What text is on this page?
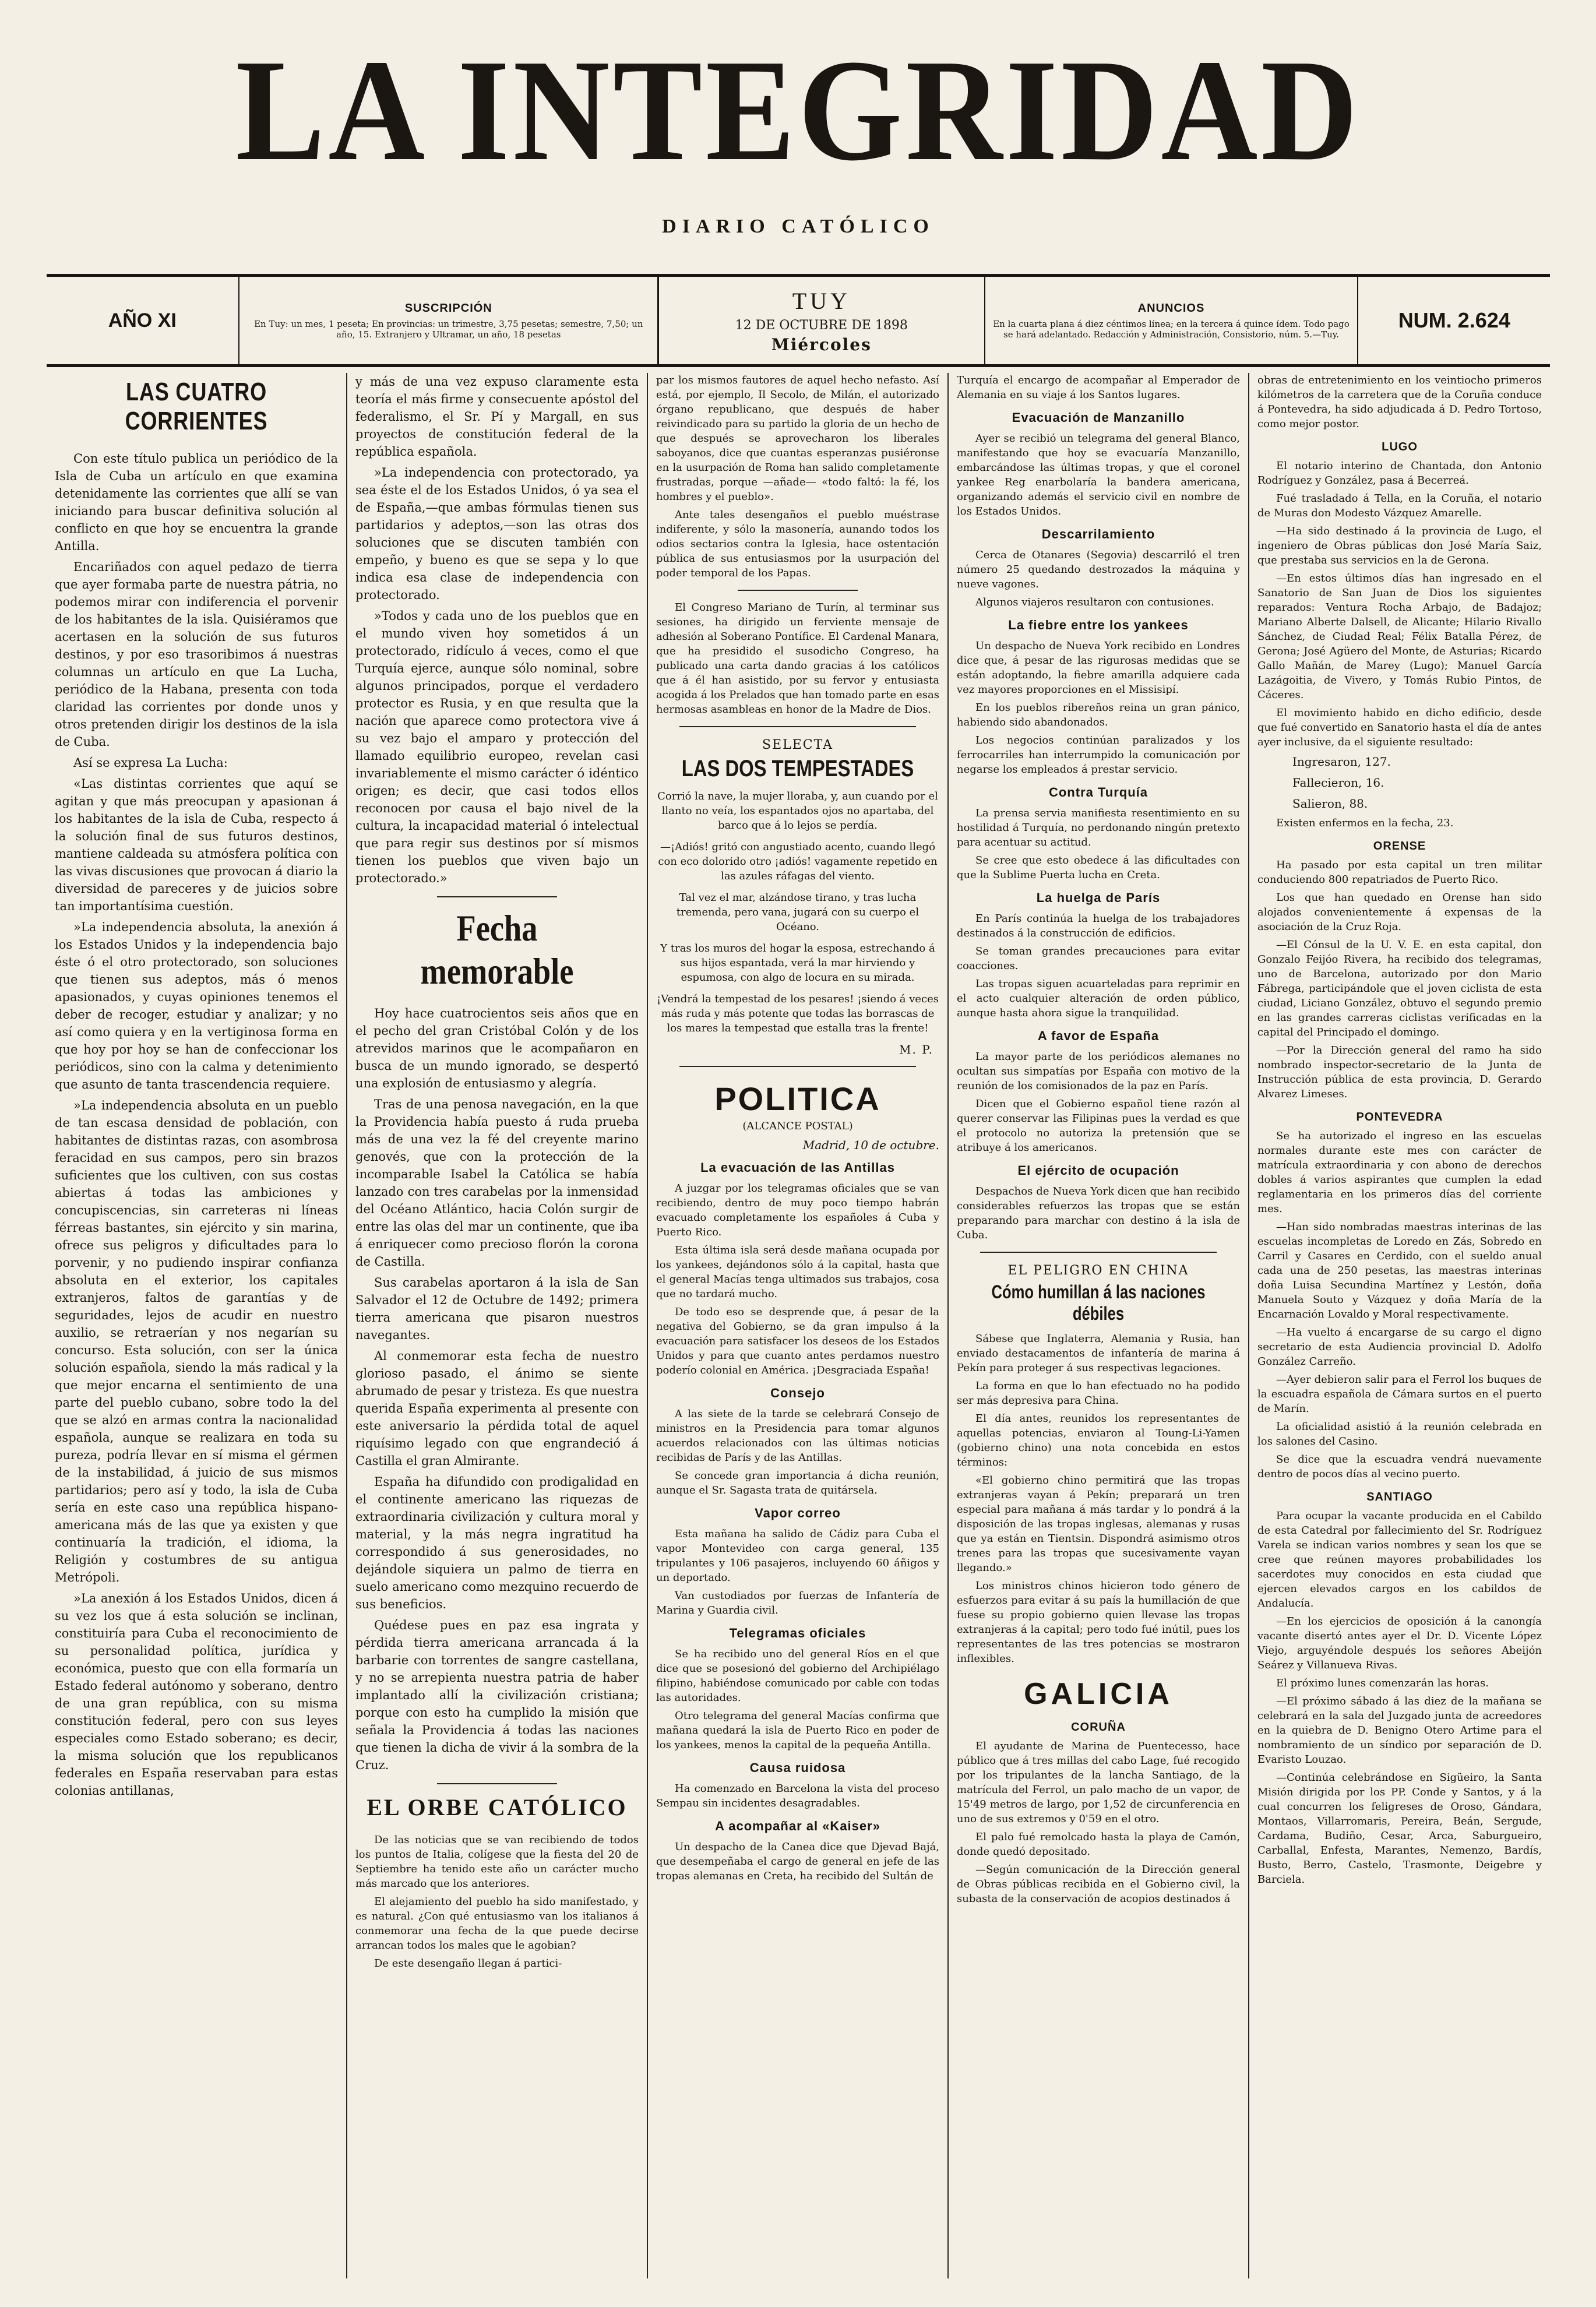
LA INTEGRIDAD
DIARIO CATÓLICO
AÑO XI
SUSCRIPCIÓN
En Tuy: un mes, 1 peseta; En provincias: un trimestre, 3,75 pesetas; semestre, 7,50; un año, 15. Extranjero y Ultramar, un año, 18 pesetas
TUY
12 DE OCTUBRE DE 1898
Miércoles
ANUNCIOS
En la cuarta plana á diez céntimos línea; en la tercera á quince ídem. Todo pago se hará adelantado. Redacción y Administración, Consistorio, núm. 5.—Tuy.
NUM. 2.624
LAS CUATRO CORRIENTES

Con este título publica un periódico de la Isla de Cuba un artículo en que examina detenidamente las corrientes que allí se van iniciando para buscar definitiva solución al conflicto en que hoy se encuentra la grande Antilla.

Encariñados con aquel pedazo de tierra que ayer formaba parte de nuestra pátria, no podemos mirar con indiferencia el porvenir de los habitantes de la isla. Quisiéramos que acertasen en la solución de sus futuros destinos, y por eso trasoribimos á nuestras columnas un artículo en que La Lucha, periódico de la Habana, presenta con toda claridad las corrientes por donde unos y otros pretenden dirigir los destinos de la isla de Cuba.

Así se expresa La Lucha:

«Las distintas corrientes que aquí se agitan y que más preocupan y apasionan á los habitantes de la isla de Cuba, respecto á la solución final de sus futuros destinos, mantiene caldeada su atmósfera política con las vivas discusiones que provocan á diario la diversidad de pareceres y de juicios sobre tan importantísima cuestión.

»La independencia absoluta, la anexión á los Estados Unidos y la independencia bajo éste ó el otro protectorado, son soluciones que tienen sus adeptos, más ó menos apasionados, y cuyas opiniones tenemos el deber de recoger, estudiar y analizar; y no así como quiera y en la vertiginosa forma en que hoy por hoy se han de confeccionar los periódicos, sino con la calma y detenimiento que asunto de tanta trascendencia requiere.

»La independencia absoluta en un pueblo de tan escasa densidad de población, con habitantes de distintas razas, con asombrosa feracidad en sus campos, pero sin brazos suficientes que los cultiven, con sus costas abiertas á todas las ambiciones y concupiscencias, sin carreteras ni líneas férreas bastantes, sin ejército y sin marina, ofrece sus peligros y dificultades para lo porvenir, y no pudiendo inspirar confianza absoluta en el exterior, los capitales extranjeros, faltos de garantías y de seguridades, lejos de acudir en nuestro auxilio, se retraerían y nos negarían su concurso. Esta solución, con ser la única solución española, siendo la más radical y la que mejor encarna el sentimiento de una parte del pueblo cubano, sobre todo la del que se alzó en armas contra la nacionalidad española, aunque se realizara en toda su pureza, podría llevar en sí misma el gérmen de la instabilidad, á juicio de sus mismos partidarios; pero así y todo, la isla de Cuba sería en este caso una república hispano-americana más de las que ya existen y que continuaría la tradición, el idioma, la Religión y costumbres de su antigua Metrópoli.

»La anexión á los Estados Unidos, dicen á su vez los que á esta solución se inclinan, constituiría para Cuba el reconocimiento de su personalidad política, jurídica y económica, puesto que con ella formaría un Estado federal autónomo y soberano, dentro de una gran república, con su misma constitución federal, pero con sus leyes especiales como Estado soberano; es decir, la misma solución que los republicanos federales en España reservaban para estas colonias antillanas,

y más de una vez expuso claramente esta teoría el más firme y consecuente apóstol del federalismo, el Sr. Pí y Margall, en sus proyectos de constitución federal de la república española.

»La independencia con protectorado, ya sea éste el de los Estados Unidos, ó ya sea el de España,—que ambas fórmulas tienen sus partidarios y adeptos,—son las otras dos soluciones que se discuten también con empeño, y bueno es que se sepa y lo que indica esa clase de independencia con protectorado.

»Todos y cada uno de los pueblos que en el mundo viven hoy sometidos á un protectorado, ridículo á veces, como el que Turquía ejerce, aunque sólo nominal, sobre algunos principados, porque el verdadero protector es Rusia, y en que resulta que la nación que aparece como protectora vive á su vez bajo el amparo y protección del llamado equilibrio europeo, revelan casi invariablemente el mismo carácter ó idéntico origen; es decir, que casi todos ellos reconocen por causa el bajo nivel de la cultura, la incapacidad material ó intelectual que para regir sus destinos por sí mismos tienen los pueblos que viven bajo un protectorado.»

Fecha memorable

Hoy hace cuatrocientos seis años que en el pecho del gran Cristóbal Colón y de los atrevidos marinos que le acompañaron en busca de un mundo ignorado, se despertó una explosión de entusiasmo y alegría.

Tras de una penosa navegación, en la que la Providencia había puesto á ruda prueba más de una vez la fé del creyente marino genovés, que con la protección de la incomparable Isabel la Católica se había lanzado con tres carabelas por la inmensidad del Océano Atlántico, hacia Colón surgir de entre las olas del mar un continente, que iba á enriquecer como precioso florón la corona de Castilla.

Sus carabelas aportaron á la isla de San Salvador el 12 de Octubre de 1492; primera tierra americana que pisaron nuestros navegantes.

Al conmemorar esta fecha de nuestro glorioso pasado, el ánimo se siente abrumado de pesar y tristeza. Es que nuestra querida España experimenta al presente con este aniversario la pérdida total de aquel riquísimo legado con que engrandeció á Castilla el gran Almirante.

España ha difundido con prodigalidad en el continente americano las riquezas de extraordinaria civilización y cultura moral y material, y la más negra ingratitud ha correspondido á sus generosidades, no dejándole siquiera un palmo de tierra en suelo americano como mezquino recuerdo de sus beneficios.

Quédese pues en paz esa ingrata y pérdida tierra americana arrancada á la barbarie con torrentes de sangre castellana, y no se arrepienta nuestra patria de haber implantado allí la civilización cristiana; porque con esto ha cumplido la misión que señala la Providencia á todas las naciones que tienen la dicha de vivir á la sombra de la Cruz.

EL ORBE CATÓLICO

De las noticias que se van recibiendo de todos los puntos de Italia, colígese que la fiesta del 20 de Septiembre ha tenido este año un carácter mucho más marcado que los anteriores.

El alejamiento del pueblo ha sido manifestado, y es natural. ¿Con qué entusiasmo van los italianos á conmemorar una fecha de la que puede decirse arrancan todos los males que le agobian?

De este desengaño llegan á partici-

par los mismos fautores de aquel hecho nefasto. Así está, por ejemplo, Il Secolo, de Milán, el autorizado órgano republicano, que después de haber reivindicado para su partido la gloria de un hecho de que después se aprovecharon los liberales saboyanos, dice que cuantas esperanzas pusiéronse en la usurpación de Roma han salido completamente frustradas, porque —añade— «todo faltó: la fé, los hombres y el pueblo».

Ante tales desengaños el pueblo muéstrase indiferente, y sólo la masonería, aunando todos los odios sectarios contra la Iglesia, hace ostentación pública de sus entusiasmos por la usurpación del poder temporal de los Papas.

El Congreso Mariano de Turín, al terminar sus sesiones, ha dirigido un ferviente mensaje de adhesión al Soberano Pontífice. El Cardenal Manara, que ha presidido el susodicho Congreso, ha publicado una carta dando gracias á los católicos que á él han asistido, por su fervor y entusiasta acogida á los Prelados que han tomado parte en esas hermosas asambleas en honor de la Madre de Dios.

SELECTA
LAS DOS TEMPESTADES

Corrió la nave, la mujer lloraba, y, aun cuando por el llanto no veía, los espantados ojos no apartaba, del barco que á lo lejos se perdía.

—¡Adiós! gritó con angustiado acento, cuando llegó con eco dolorido otro ¡adiós! vagamente repetido en las azules ráfagas del viento.

Tal vez el mar, alzándose tirano, y tras lucha tremenda, pero vana, jugará con su cuerpo el Océano.

Y tras los muros del hogar la esposa, estrechando á sus hijos espantada, verá la mar hirviendo y espumosa, con algo de locura en su mirada.

¡Vendrá la tempestad de los pesares! ¡siendo á veces más ruda y más potente que todas las borrascas de los mares la tempestad que estalla tras la frente!

M. P.
POLITICA
(ALCANCE POSTAL)
Madrid, 10 de octubre.
La evacuación de las Antillas

A juzgar por los telegramas oficiales que se van recibiendo, dentro de muy poco tiempo habrán evacuado completamente los españoles á Cuba y Puerto Rico.

Esta última isla será desde mañana ocupada por los yankees, dejándonos sólo á la capital, hasta que el general Macías tenga ultimados sus trabajos, cosa que no tardará mucho.

De todo eso se desprende que, á pesar de la negativa del Gobierno, se da gran impulso á la evacuación para satisfacer los deseos de los Estados Unidos y para que cuanto antes perdamos nuestro poderío colonial en América. ¡Desgraciada España!

Consejo

A las siete de la tarde se celebrará Consejo de ministros en la Presidencia para tomar algunos acuerdos relacionados con las últimas noticias recibidas de París y de las Antillas.

Se concede gran importancia á dicha reunión, aunque el Sr. Sagasta trata de quitársela.

Vapor correo

Esta mañana ha salido de Cádiz para Cuba el vapor Montevideo con carga general, 135 tripulantes y 106 pasajeros, incluyendo 60 áñigos y un deportado.

Van custodiados por fuerzas de Infantería de Marina y Guardia civil.

Telegramas oficiales

Se ha recibido uno del general Ríos en el que dice que se posesionó del gobierno del Archipiélago filipino, habiéndose comunicado por cable con todas las autoridades.

Otro telegrama del general Macías confirma que mañana quedará la isla de Puerto Rico en poder de los yankees, menos la capital de la pequeña Antilla.

Causa ruidosa

Ha comenzado en Barcelona la vista del proceso Sempau sin incidentes desagradables.

A acompañar al «Kaiser»

Un despacho de la Canea dice que Djevad Bajá, que desempeñaba el cargo de general en jefe de las tropas alemanas en Creta, ha recibido del Sultán de

Turquía el encargo de acompañar al Emperador de Alemania en su viaje á los Santos lugares.

Evacuación de Manzanillo

Ayer se recibió un telegrama del general Blanco, manifestando que hoy se evacuaría Manzanillo, embarcándose las últimas tropas, y que el coronel yankee Reg enarbolaría la bandera americana, organizando además el servicio civil en nombre de los Estados Unidos.

Descarrilamiento

Cerca de Otanares (Segovia) descarriló el tren número 25 quedando destrozados la máquina y nueve vagones.

Algunos viajeros resultaron con contusiones.

La fiebre entre los yankees

Un despacho de Nueva York recibido en Londres dice que, á pesar de las rigurosas medidas que se están adoptando, la fiebre amarilla adquiere cada vez mayores proporciones en el Missisipí.

En los pueblos ribereños reina un gran pánico, habiendo sido abandonados.

Los negocios continúan paralizados y los ferrocarriles han interrumpido la comunicación por negarse los empleados á prestar servicio.

Contra Turquía

La prensa servia manifiesta resentimiento en su hostilidad á Turquía, no perdonando ningún pretexto para acentuar su actitud.

Se cree que esto obedece á las dificultades con que la Sublime Puerta lucha en Creta.

La huelga de París

En París continúa la huelga de los trabajadores destinados á la construcción de edificios.

Se toman grandes precauciones para evitar coacciones.

Las tropas siguen acuarteladas para reprimir en el acto cualquier alteración de orden público, aunque hasta ahora sigue la tranquilidad.

A favor de España

La mayor parte de los periódicos alemanes no ocultan sus simpatías por España con motivo de la reunión de los comisionados de la paz en París.

Dicen que el Gobierno español tiene razón al querer conservar las Filipinas pues la verdad es que el protocolo no autoriza la pretensión que se atribuye á los americanos.

El ejército de ocupación

Despachos de Nueva York dicen que han recibido considerables refuerzos las tropas que se están preparando para marchar con destino á la isla de Cuba.

EL PELIGRO EN CHINA
Cómo humillan á las naciones débiles

Sábese que Inglaterra, Alemania y Rusia, han enviado destacamentos de infantería de marina á Pekín para proteger á sus respectivas legaciones.

La forma en que lo han efectuado no ha podido ser más depresiva para China.

El día antes, reunidos los representantes de aquellas potencias, enviaron al Toung-Li-Yamen (gobierno chino) una nota concebida en estos términos:

«El gobierno chino permitirá que las tropas extranjeras vayan á Pekín; preparará un tren especial para mañana á más tardar y lo pondrá á la disposición de las tropas inglesas, alemanas y rusas que ya están en Tientsin. Dispondrá asimismo otros trenes para las tropas que sucesivamente vayan llegando.»

Los ministros chinos hicieron todo género de esfuerzos para evitar á su país la humillación de que fuese su propio gobierno quien llevase las tropas extranjeras á la capital; pero todo fué inútil, pues los representantes de las tres potencias se mostraron inflexibles.

GALICIA
CORUÑA

El ayudante de Marina de Puentecesso, hace público que á tres millas del cabo Lage, fué recogido por los tripulantes de la lancha Santiago, de la matrícula del Ferrol, un palo macho de un vapor, de 15'49 metros de largo, por 1,52 de circunferencia en uno de sus extremos y 0'59 en el otro.

El palo fué remolcado hasta la playa de Camón, donde quedó depositado.

—Según comunicación de la Dirección general de Obras públicas recibida en el Gobierno civil, la subasta de la conservación de acopios destinados á

obras de entretenimiento en los veintiocho primeros kilómetros de la carretera que de la Coruña conduce á Pontevedra, ha sido adjudicada á D. Pedro Tortoso, como mejor postor.

LUGO

El notario interino de Chantada, don Antonio Rodríguez y González, pasa á Becerreá.

Fué trasladado á Tella, en la Coruña, el notario de Muras don Modesto Vázquez Amarelle.

—Ha sido destinado á la provincia de Lugo, el ingeniero de Obras públicas don José María Saiz, que prestaba sus servicios en la de Gerona.

—En estos últimos días han ingresado en el Sanatorio de San Juan de Dios los siguientes reparados: Ventura Rocha Arbajo, de Badajoz; Mariano Alberte Dalsell, de Alicante; Hilario Rivallo Sánchez, de Ciudad Real; Félix Batalla Pérez, de Gerona; José Agüero del Monte, de Asturias; Ricardo Gallo Mañán, de Marey (Lugo); Manuel García Lazágoitia, de Vivero, y Tomás Rubio Pintos, de Cáceres.

El movimiento habido en dicho edificio, desde que fué convertido en Sanatorio hasta el día de antes ayer inclusive, da el siguiente resultado:

Ingresaron, 127.
Fallecieron, 16.
Salieron, 88.

Existen enfermos en la fecha, 23.

ORENSE

Ha pasado por esta capital un tren militar conduciendo 800 repatriados de Puerto Rico.

Los que han quedado en Orense han sido alojados convenientemente á expensas de la asociación de la Cruz Roja.

—El Cónsul de la U. V. E. en esta capital, don Gonzalo Feijóo Rivera, ha recibido dos telegramas, uno de Barcelona, autorizado por don Mario Fábrega, participándole que el joven ciclista de esta ciudad, Liciano González, obtuvo el segundo premio en las grandes carreras ciclistas verificadas en la capital del Principado el domingo.

—Por la Dirección general del ramo ha sido nombrado inspector-secretario de la Junta de Instrucción pública de esta provincia, D. Gerardo Alvarez Limeses.

PONTEVEDRA

Se ha autorizado el ingreso en las escuelas normales durante este mes con carácter de matrícula extraordinaria y con abono de derechos dobles á varios aspirantes que cumplen la edad reglamentaria en los primeros días del corriente mes.

—Han sido nombradas maestras interinas de las escuelas incompletas de Loredo en Zás, Sobredo en Carril y Casares en Cerdido, con el sueldo anual cada una de 250 pesetas, las maestras interinas doña Luisa Secundina Martínez y Lestón, doña Manuela Souto y Vázquez y doña María de la Encarnación Lovaldo y Moral respectivamente.

—Ha vuelto á encargarse de su cargo el digno secretario de esta Audiencia provincial D. Adolfo González Carreño.

—Ayer debieron salir para el Ferrol los buques de la escuadra española de Cámara surtos en el puerto de Marín.

La oficialidad asistió á la reunión celebrada en los salones del Casino.

Se dice que la escuadra vendrá nuevamente dentro de pocos días al vecino puerto.

SANTIAGO

Para ocupar la vacante producida en el Cabildo de esta Catedral por fallecimiento del Sr. Rodríguez Varela se indican varios nombres y sean los que se cree que reúnen mayores probabilidades los sacerdotes muy conocidos en esta ciudad que ejercen elevados cargos en los cabildos de Andalucía.

—En los ejercicios de oposición á la canongía vacante disertó antes ayer el Dr. D. Vicente López Viejo, arguyéndole después los señores Abeijón Seárez y Villanueva Rivas.

El próximo lunes comenzarán las horas.

—El próximo sábado á las diez de la mañana se celebrará en la sala del Juzgado junta de acreedores en la quiebra de D. Benigno Otero Artime para el nombramiento de un síndico por separación de D. Evaristo Louzao.

—Continúa celebrándose en Sigüeiro, la Santa Misión dirigida por los PP. Conde y Santos, y á la cual concurren los feligreses de Oroso, Gándara, Montaos, Villarromaris, Pereira, Beán, Sergude, Cardama, Budiño, Cesar, Arca, Saburgueiro, Carballal, Enfesta, Marantes, Nemenzo, Bardís, Busto, Berro, Castelo, Trasmonte, Deigebre y Barciela.
